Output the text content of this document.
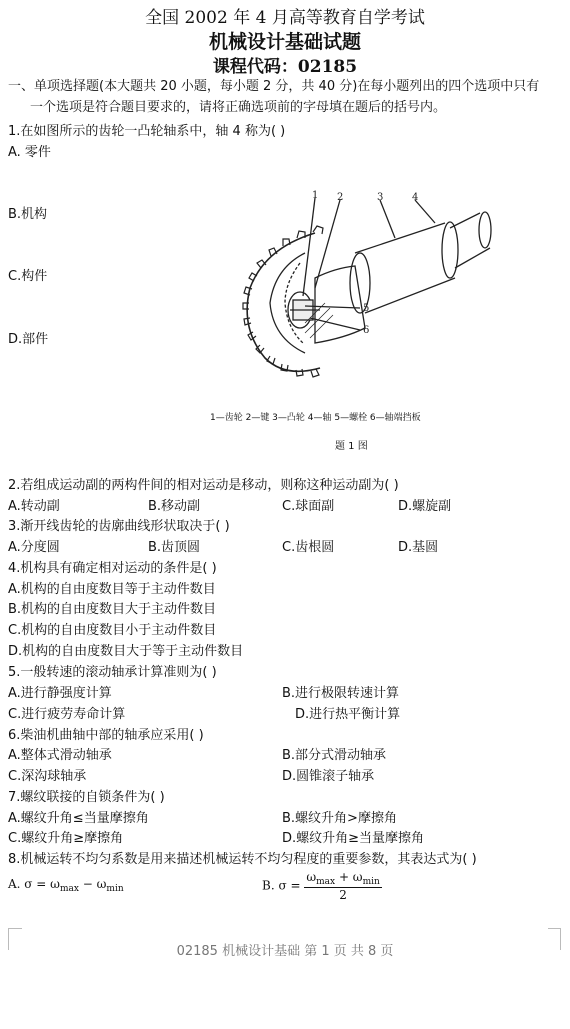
全国 2002 年 4 月高等教育自学考试
机械设计基础试题
课程代码：02185
一、单项选择题(本大题共 20 小题，每小题 2 分，共 40 分)在每小题列出的四个选项中只有
一个选项是符合题目要求的，请将正确选项前的字母填在题后的括号内。
1.在如图所示的齿轮一凸轮轴系中，轴 4 称为( )
A. 零件
B.机构
C.构件
D.部件
1 2	3	4
5
6
1—齿轮 2—键 3—凸轮 4—轴 5—螺栓 6—轴端挡板
题 1 图
2.若组成运动副的两构件间的相对运动是移动，则称这种运动副为( )
A.转动副	B.移动副	C.球面副	D.螺旋副
3.渐开线齿轮的齿廓曲线形状取决于( )
A.分度圆	B.齿顶圆	C.齿根圆	D.基圆
4.机构具有确定相对运动的条件是( )
A.机构的自由度数目等于主动件数目
B.机构的自由度数目大于主动件数目
C.机构的自由度数目小于主动件数目
D.机构的自由度数目大于等于主动件数目
5.一般转速的滚动轴承计算准则为( )
A.进行静强度计算	B.进行极限转速计算
C.进行疲劳寿命计算	D.进行热平衡计算
6.柴油机曲轴中部的轴承应采用( )
A.整体式滑动轴承	B.部分式滑动轴承
C.深沟球轴承	D.圆锥滚子轴承
7.螺纹联接的自锁条件为( )
A.螺纹升角≤当量摩擦角	B.螺纹升角>摩擦角
C.螺纹升角≥摩擦角	D.螺纹升角≥当量摩擦角
8.机械运转不均匀系数是用来描述机械运转不均匀程度的重要参数，其表达式为( )
A. $\sigma = \omega_{max} - \omega_{min}$	B. $\sigma = \frac{\omega_{max} + \omega_{min}}{2}$
02185 机械设计基础 第 1 页 共 8 页
